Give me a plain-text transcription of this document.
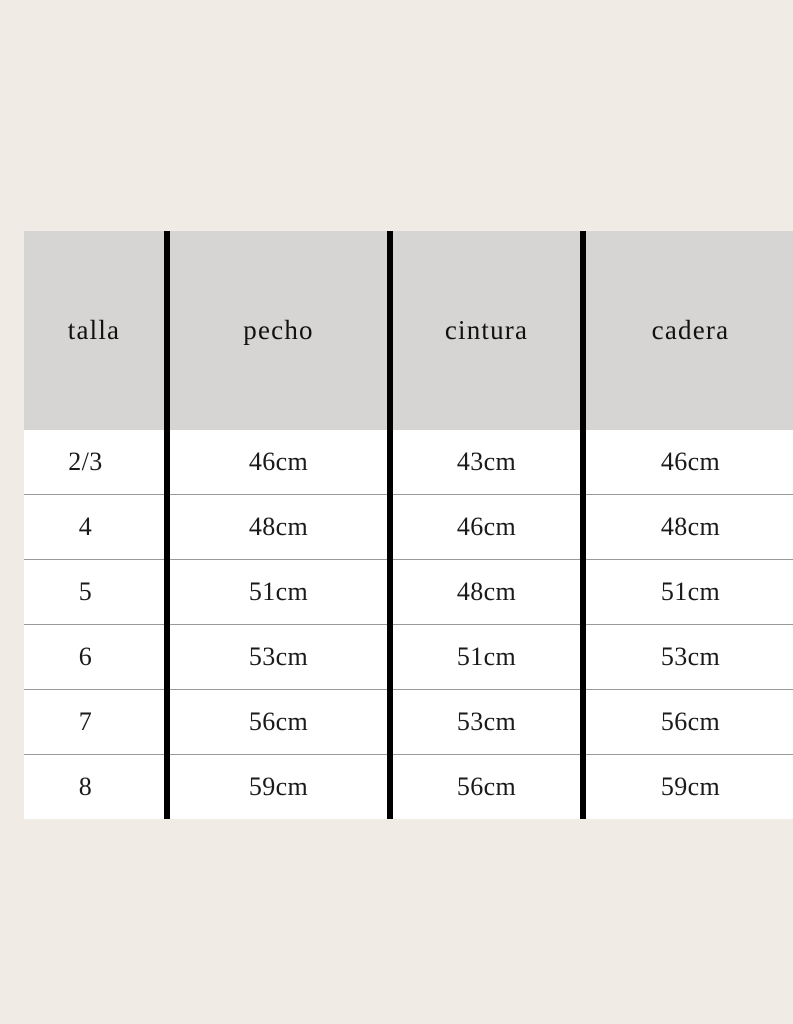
talla	pecho	cintura	cadera
2/3	46cm	43cm	46cm
4	48cm	46cm	48cm
5	51cm	48cm	51cm
6	53cm	51cm	53cm
7	56cm	53cm	56cm
8	59cm	56cm	59cm
